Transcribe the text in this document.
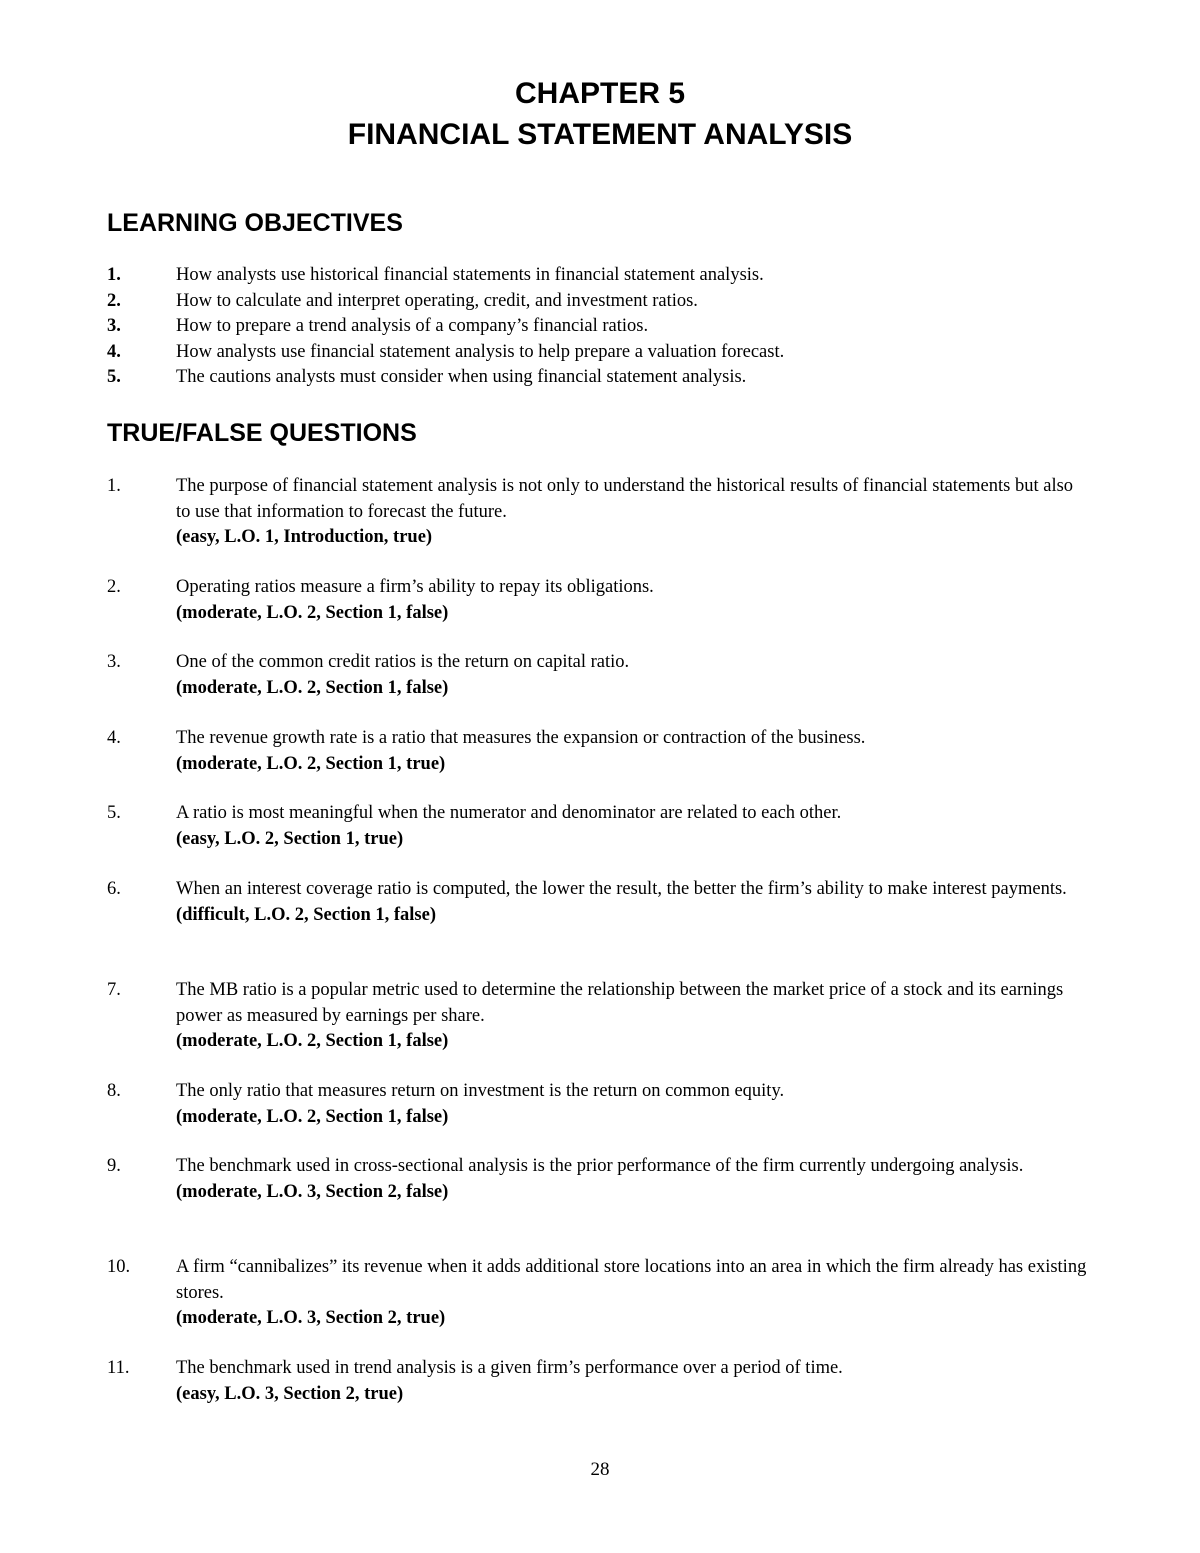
CHAPTER 5
FINANCIAL STATEMENT ANALYSIS
LEARNING OBJECTIVES
1.	How analysts use historical financial statements in financial statement analysis.
2.	How to calculate and interpret operating, credit, and investment ratios.
3.	How to prepare a trend analysis of a company’s financial ratios.
4.	How analysts use financial statement analysis to help prepare a valuation forecast.
5.	The cautions analysts must consider when using financial statement analysis.
TRUE/FALSE QUESTIONS
1.	The purpose of financial statement analysis is not only to understand the historical results of financial statements but also to use that information to forecast the future.
(easy, L.O. 1, Introduction, true)
2.	Operating ratios measure a firm’s ability to repay its obligations.
(moderate, L.O. 2, Section 1, false)
3.	One of the common credit ratios is the return on capital ratio.
(moderate, L.O. 2, Section 1, false)
4.	The revenue growth rate is a ratio that measures the expansion or contraction of the business.
(moderate, L.O. 2, Section 1, true)
5.	A ratio is most meaningful when the numerator and denominator are related to each other.
(easy, L.O. 2, Section 1, true)
6.	When an interest coverage ratio is computed, the lower the result, the better the firm’s ability to make interest payments.
(difficult, L.O. 2, Section 1, false)
7.	The MB ratio is a popular metric used to determine the relationship between the market price of a stock and its earnings power as measured by earnings per share.
(moderate, L.O. 2, Section 1, false)
8.	The only ratio that measures return on investment is the return on common equity.
(moderate, L.O. 2, Section 1, false)
9.	The benchmark used in cross-sectional analysis is the prior performance of the firm currently undergoing analysis.
(moderate, L.O. 3, Section 2, false)
10.	A firm “cannibalizes” its revenue when it adds additional store locations into an area in which the firm already has existing stores.
(moderate, L.O. 3, Section 2, true)
11.	The benchmark used in trend analysis is a given firm’s performance over a period of time.
(easy, L.O. 3, Section 2, true)
28
